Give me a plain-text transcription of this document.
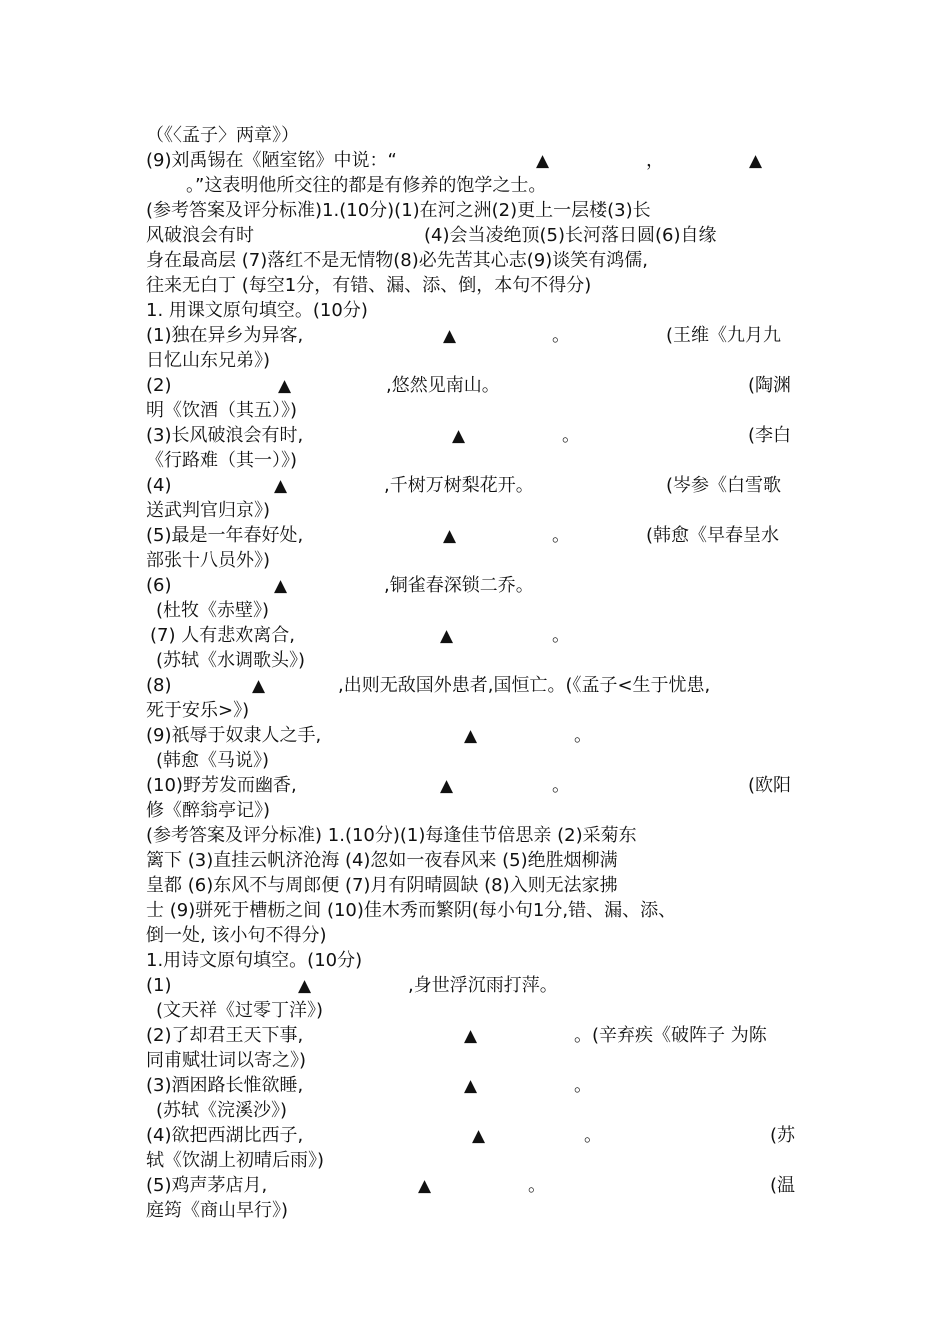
（《〈孟子〉两章》）
(9)刘禹锡在《陋室铭》中说：“	▲	，	▲
。”这表明他所交往的都是有修养的饱学之士。
(参考答案及评分标准)1.(10分)(1)在河之洲(2)更上一层楼(3)长
风破浪会有时	(4)会当凌绝顶(5)长河落日圆(6)自缘
身在最高层 (7)落红不是无情物(8)必先苦其心志(9)谈笑有鸿儒,
往来无白丁 (每空1分，有错、漏、添、倒，本句不得分)
1. 用课文原句填空。(10分)
(1)独在异乡为异客,	▲	。	(王维《九月九
日忆山东兄弟》)
(2)	▲	,悠然见南山。	(陶渊
明《饮酒（其五）》)
(3)长风破浪会有时,	▲	。	(李白
《行路难（其一）》)
(4)	▲	,千树万树梨花开。	(岑参《白雪歌
送武判官归京》)
(5)最是一年春好处,	▲	。	(韩愈《早春呈水
部张十八员外》)
(6)	▲	,铜雀春深锁二乔。
(杜牧《赤壁》)
(7) 人有悲欢离合,	▲	。
(苏轼《水调歌头》)
(8)	▲	,出则无敌国外患者,国恒亡。(《孟子<生于忧患,
死于安乐>》)
(9)祇辱于奴隶人之手,	▲	。
(韩愈《马说》)
(10)野芳发而幽香,	▲	。	(欧阳
修《醉翁亭记》)
(参考答案及评分标准) 1.(10分)(1)每逢佳节倍思亲 (2)采菊东
篱下 (3)直挂云帆济沧海 (4)忽如一夜春风来 (5)绝胜烟柳满
皇都 (6)东风不与周郎便 (7)月有阴晴圆缺 (8)入则无法家拂
士 (9)骈死于槽枥之间 (10)佳木秀而繁阴(每小句1分,错、漏、添、
倒一处, 该小句不得分)
1.用诗文原句填空。(10分)
(1)	▲	,身世浮沉雨打萍。
(文天祥《过零丁洋》)
(2)了却君王天下事,	▲	。(辛弃疾《破阵子 为陈
同甫赋壮词以寄之》)
(3)酒困路长惟欲睡,	▲	。
(苏轼《浣溪沙》)
(4)欲把西湖比西子,	▲	。	(苏
轼《饮湖上初晴后雨》)
(5)鸡声茅店月,	▲	。	(温
庭筠《商山早行》)
